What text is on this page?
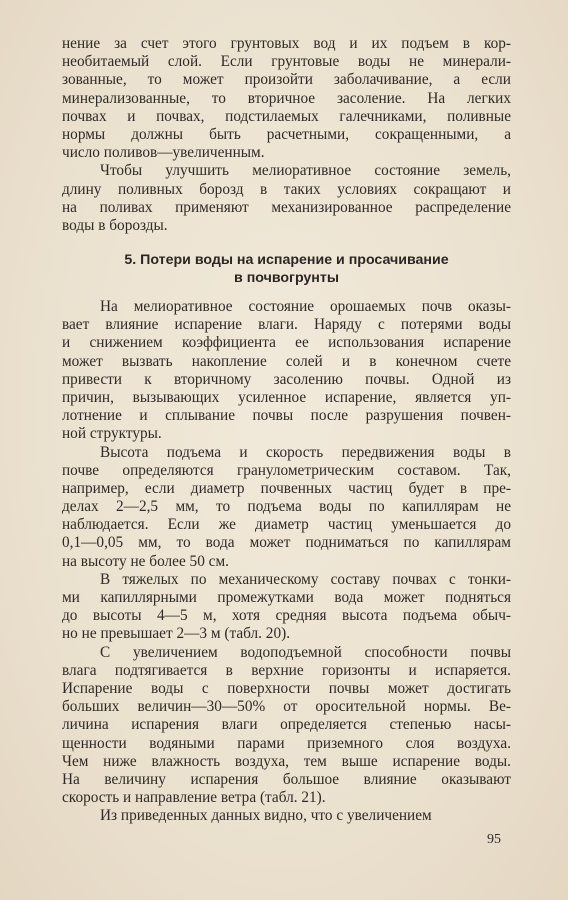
нение за счет этого грунтовых вод и их подъем в кор-
необитаемый слой. Если грунтовые воды не минерали-
зованные, то может произойти заболачивание, а если
минерализованные, то вторичное засоление. На легких
почвах и почвах, подстилаемых галечниками, поливные
нормы должны быть расчетными, сокращенными, а
число поливов—увеличенным.
Чтобы улучшить мелиоративное состояние земель,
длину поливных борозд в таких условиях сокращают и
на поливах применяют механизированное распределение
воды в борозды.
5. Потери воды на испарение и просачивание
в почвогрунты
На мелиоративное состояние орошаемых почв оказы-
вает влияние испарение влаги. Наряду с потерями воды
и снижением коэффициента ее использования испарение
может вызвать накопление солей и в конечном счете
привести к вторичному засолению почвы. Одной из
причин, вызывающих усиленное испарение, является уп-
лотнение и сплывание почвы после разрушения почвен-
ной структуры.
Высота подъема и скорость передвижения воды в
почве определяются гранулометрическим составом. Так,
например, если диаметр почвенных частиц будет в пре-
делах 2—2,5 мм, то подъема воды по капиллярам не
наблюдается. Если же диаметр частиц уменьшается до
0,1—0,05 мм, то вода может подниматься по капиллярам
на высоту не более 50 см.
В тяжелых по механическому составу почвах с тонки-
ми капиллярными промежутками вода может подняться
до высоты 4—5 м, хотя средняя высота подъема обыч-
но не превышает 2—3 м (табл. 20).
С увеличением водоподъемной способности почвы
влага подтягивается в верхние горизонты и испаряется.
Испарение воды с поверхности почвы может достигать
больших величин—30—50% от оросительной нормы. Ве-
личина испарения влаги определяется степенью насы-
щенности водяными парами приземного слоя воздуха.
Чем ниже влажность воздуха, тем выше испарение воды.
На величину испарения большое влияние оказывают
скорость и направление ветра (табл. 21).
Из приведенных данных видно, что с увеличением
95
